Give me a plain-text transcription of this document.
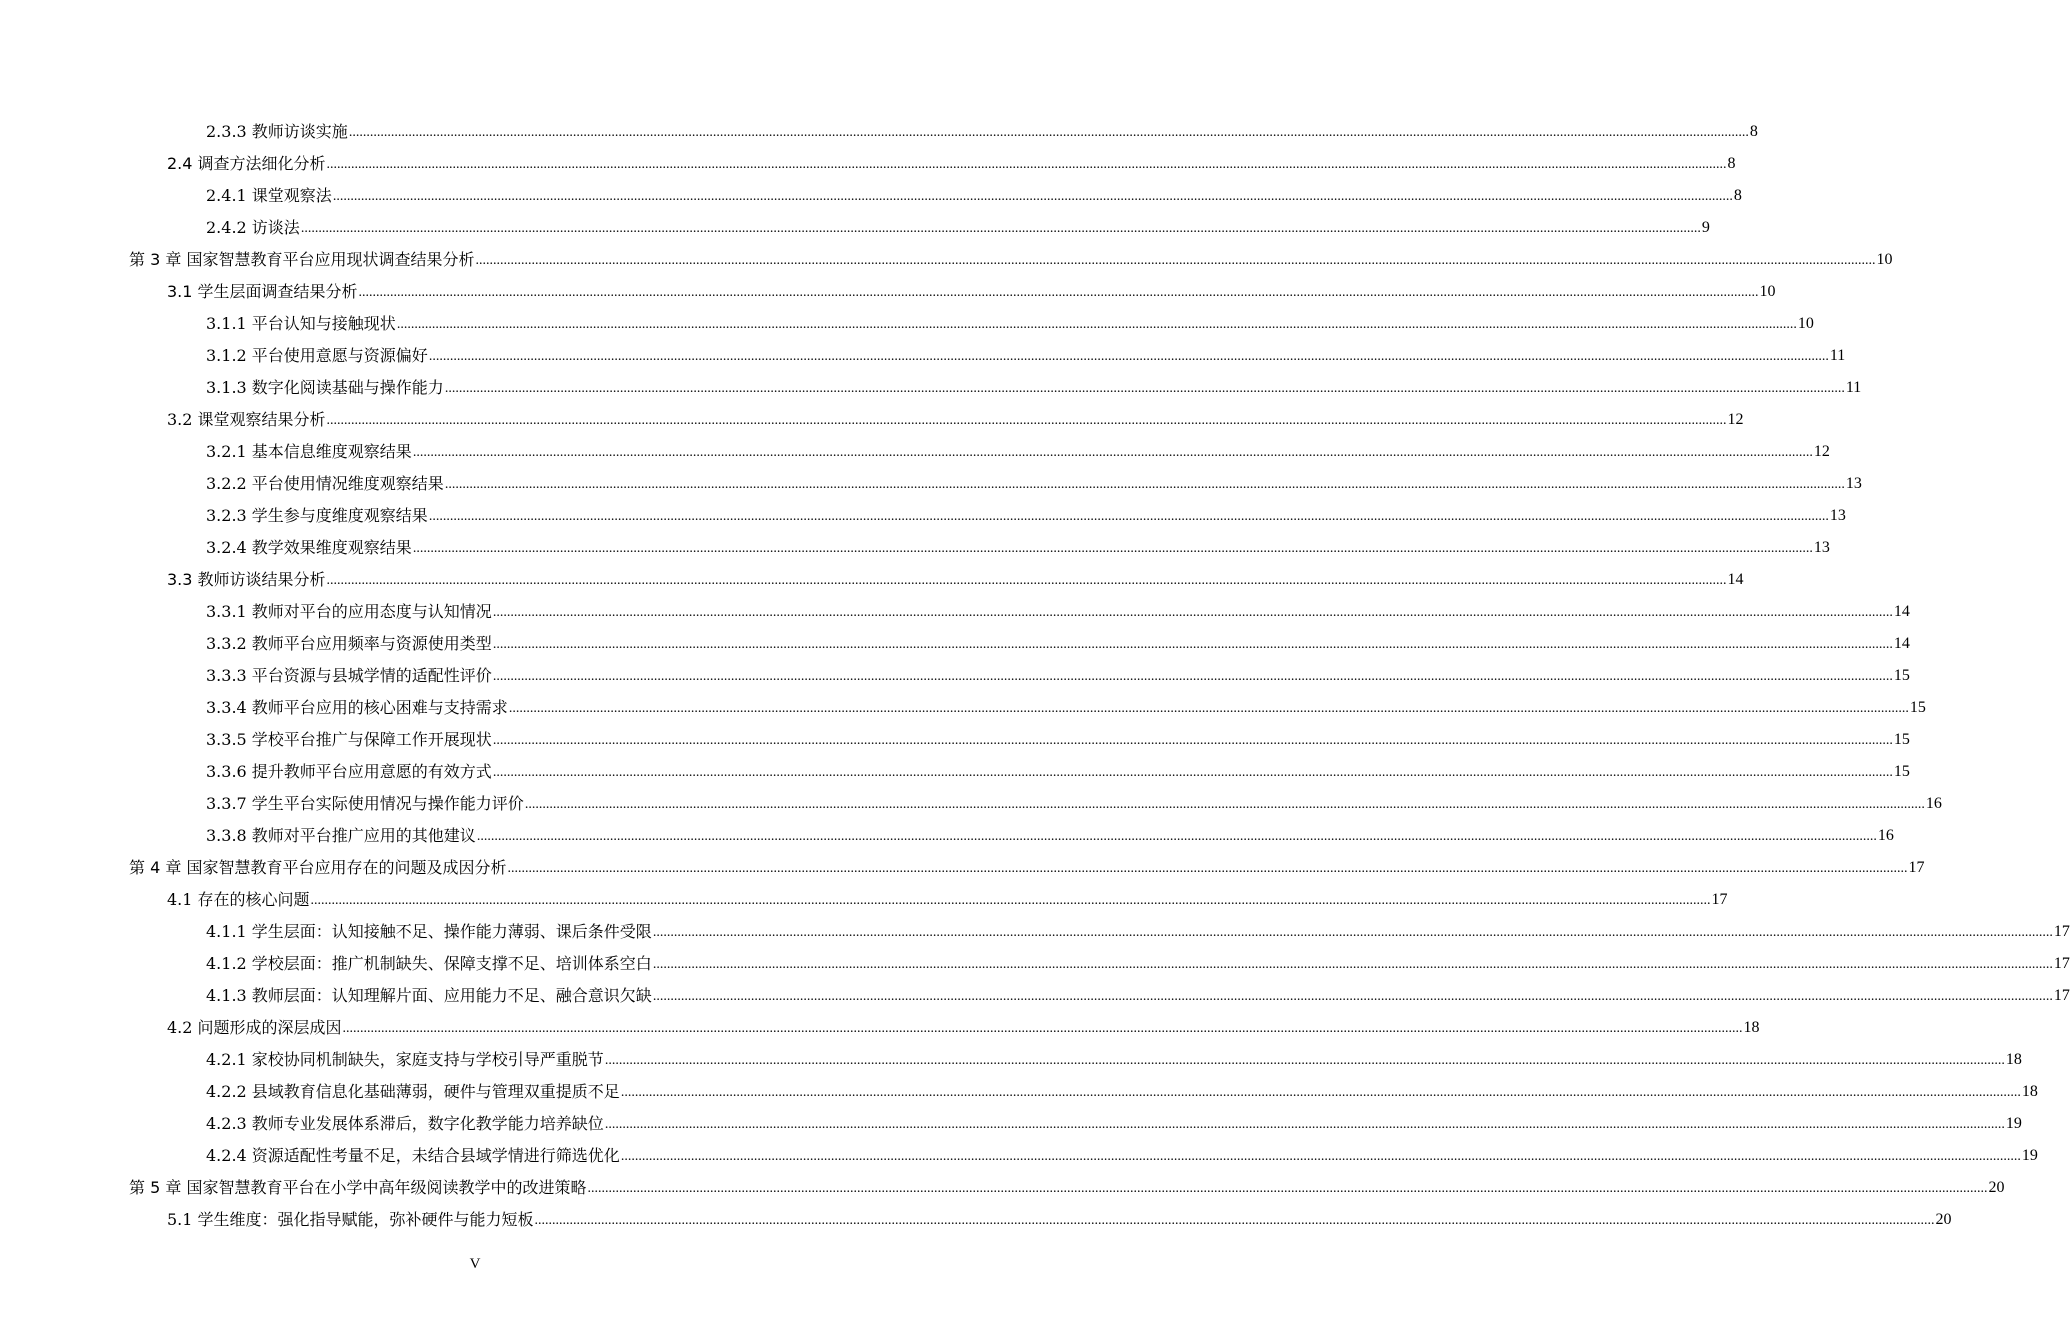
2.3.3 教师访谈实施 ................................................................................................................................................................................................................................................................................................................................................................................................................ 8
2.4 调查方法细化分析 ................................................................................................................................................................................................................................................................................................................................................................................................................ 8
2.4.1 课堂观察法 ................................................................................................................................................................................................................................................................................................................................................................................................................ 8
2.4.2 访谈法 ................................................................................................................................................................................................................................................................................................................................................................................................................ 9
第 3 章 国家智慧教育平台应用现状调查结果分析 ................................................................................................................................................................................................................................................................................................................................................................................................................ 10
3.1 学生层面调查结果分析 ................................................................................................................................................................................................................................................................................................................................................................................................................ 10
3.1.1 平台认知与接触现状 ................................................................................................................................................................................................................................................................................................................................................................................................................ 10
3.1.2 平台使用意愿与资源偏好 ................................................................................................................................................................................................................................................................................................................................................................................................................ 11
3.1.3 数字化阅读基础与操作能力 ................................................................................................................................................................................................................................................................................................................................................................................................................ 11
3.2 课堂观察结果分析 ................................................................................................................................................................................................................................................................................................................................................................................................................ 12
3.2.1 基本信息维度观察结果 ................................................................................................................................................................................................................................................................................................................................................................................................................ 12
3.2.2 平台使用情况维度观察结果 ................................................................................................................................................................................................................................................................................................................................................................................................................ 13
3.2.3 学生参与度维度观察结果 ................................................................................................................................................................................................................................................................................................................................................................................................................ 13
3.2.4 教学效果维度观察结果 ................................................................................................................................................................................................................................................................................................................................................................................................................ 13
3.3 教师访谈结果分析 ................................................................................................................................................................................................................................................................................................................................................................................................................ 14
3.3.1 教师对平台的应用态度与认知情况 ................................................................................................................................................................................................................................................................................................................................................................................................................ 14
3.3.2 教师平台应用频率与资源使用类型 ................................................................................................................................................................................................................................................................................................................................................................................................................ 14
3.3.3 平台资源与县城学情的适配性评价 ................................................................................................................................................................................................................................................................................................................................................................................................................ 15
3.3.4 教师平台应用的核心困难与支持需求 ................................................................................................................................................................................................................................................................................................................................................................................................................ 15
3.3.5 学校平台推广与保障工作开展现状 ................................................................................................................................................................................................................................................................................................................................................................................................................ 15
3.3.6 提升教师平台应用意愿的有效方式 ................................................................................................................................................................................................................................................................................................................................................................................................................ 15
3.3.7 学生平台实际使用情况与操作能力评价 ................................................................................................................................................................................................................................................................................................................................................................................................................ 16
3.3.8 教师对平台推广应用的其他建议 ................................................................................................................................................................................................................................................................................................................................................................................................................ 16
第 4 章 国家智慧教育平台应用存在的问题及成因分析 ................................................................................................................................................................................................................................................................................................................................................................................................................ 17
4.1 存在的核心问题 ................................................................................................................................................................................................................................................................................................................................................................................................................ 17
4.1.1 学生层面：认知接触不足、操作能力薄弱、课后条件受限 ................................................................................................................................................................................................................................................................................................................................................................................................................ 17
4.1.2 学校层面：推广机制缺失、保障支撑不足、培训体系空白 ................................................................................................................................................................................................................................................................................................................................................................................................................ 17
4.1.3 教师层面：认知理解片面、应用能力不足、融合意识欠缺 ................................................................................................................................................................................................................................................................................................................................................................................................................ 17
4.2 问题形成的深层成因 ................................................................................................................................................................................................................................................................................................................................................................................................................ 18
4.2.1 家校协同机制缺失，家庭支持与学校引导严重脱节 ................................................................................................................................................................................................................................................................................................................................................................................................................ 18
4.2.2 县域教育信息化基础薄弱，硬件与管理双重提质不足 ................................................................................................................................................................................................................................................................................................................................................................................................................ 18
4.2.3 教师专业发展体系滞后，数字化教学能力培养缺位 ................................................................................................................................................................................................................................................................................................................................................................................................................ 19
4.2.4 资源适配性考量不足，未结合县域学情进行筛选优化 ................................................................................................................................................................................................................................................................................................................................................................................................................ 19
第 5 章 国家智慧教育平台在小学中高年级阅读教学中的改进策略 ................................................................................................................................................................................................................................................................................................................................................................................................................ 20
5.1 学生维度：强化指导赋能，弥补硬件与能力短板 ................................................................................................................................................................................................................................................................................................................................................................................................................ 20
V
